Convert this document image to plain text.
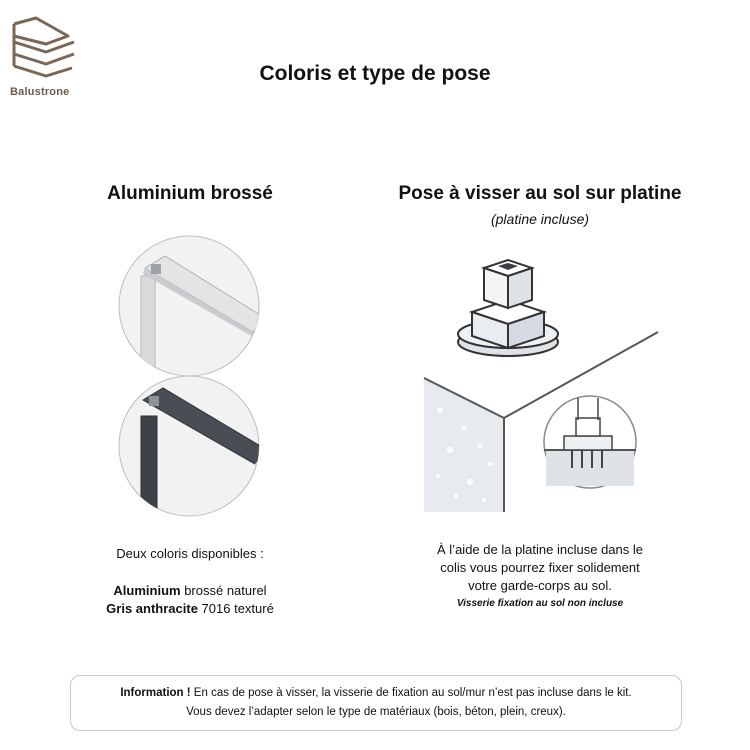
Balustrone
Coloris et type de pose
Aluminium brossé
Deux coloris disponibles :
Aluminium brossé naturel
Gris anthracite 7016 texturé
Pose à visser au sol sur platine
(platine incluse)
À l’aide de la platine incluse dans le
colis vous pourrez fixer solidement
votre garde-corps au sol.
Visserie fixation au sol non incluse
Information ! En cas de pose à visser, la visserie de fixation au sol/mur n’est pas incluse dans le kit.
Vous devez l’adapter selon le type de matériaux (bois, béton, plein, creux).
